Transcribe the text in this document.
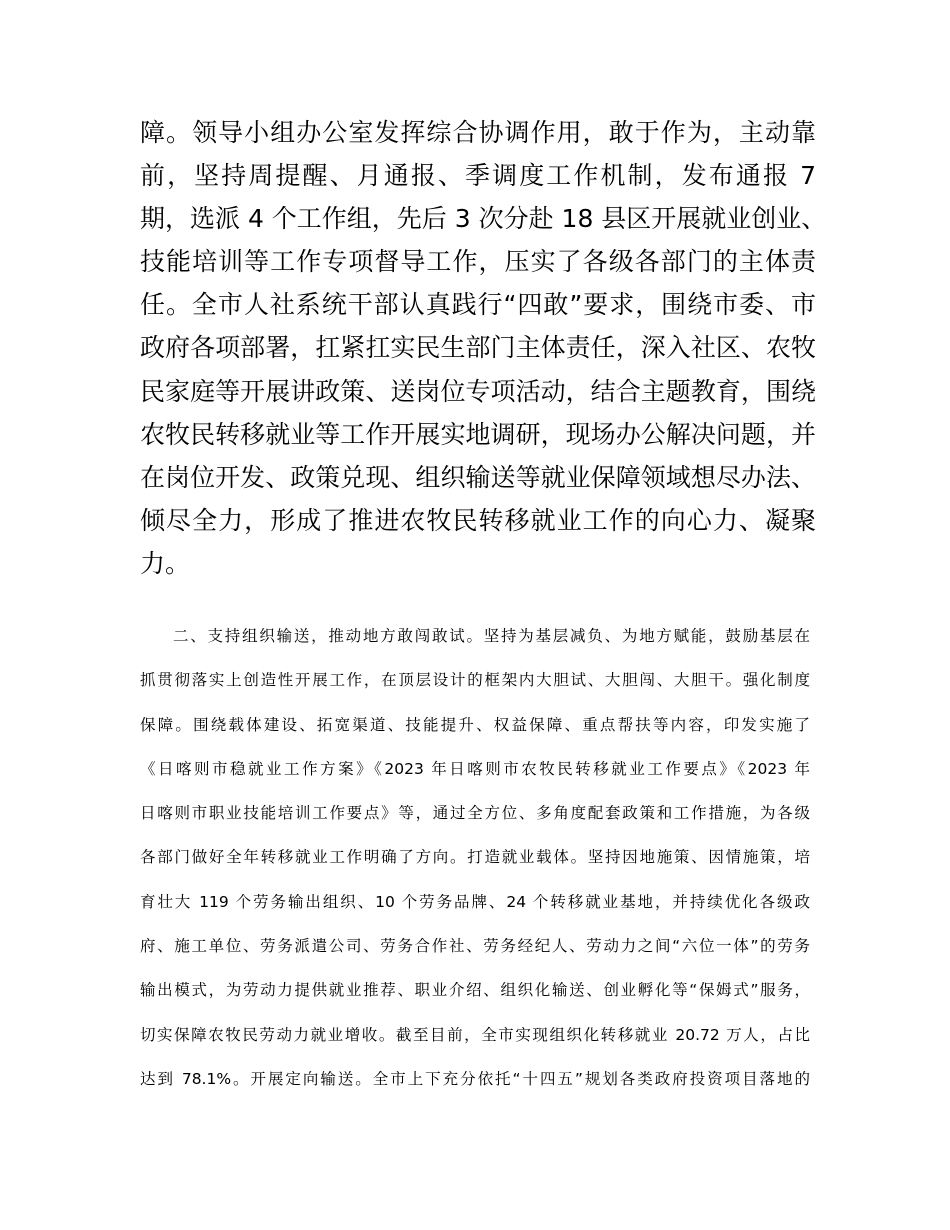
障。领导小组办公室发挥综合协调作用，敢于作为，主动靠
前，坚持周提醒、月通报、季调度工作机制，发布通报 7
期，选派 4 个工作组，先后 3 次分赴 18 县区开展就业创业、
技能培训等工作专项督导工作，压实了各级各部门的主体责
任。全市人社系统干部认真践行“四敢”要求，围绕市委、市
政府各项部署，扛紧扛实民生部门主体责任，深入社区、农牧
民家庭等开展讲政策、送岗位专项活动，结合主题教育，围绕
农牧民转移就业等工作开展实地调研，现场办公解决问题，并
在岗位开发、政策兑现、组织输送等就业保障领域想尽办法、
倾尽全力，形成了推进农牧民转移就业工作的向心力、凝聚
力。
二、支持组织输送，推动地方敢闯敢试。坚持为基层减负、为地方赋能，鼓励基层在
抓贯彻落实上创造性开展工作，在顶层设计的框架内大胆试、大胆闯、大胆干。强化制度
保障。围绕载体建设、拓宽渠道、技能提升、权益保障、重点帮扶等内容，印发实施了
《日喀则市稳就业工作方案》《2023 年日喀则市农牧民转移就业工作要点》《2023 年
日喀则市职业技能培训工作要点》等，通过全方位、多角度配套政策和工作措施，为各级
各部门做好全年转移就业工作明确了方向。打造就业载体。坚持因地施策、因情施策，培
育壮大 119 个劳务输出组织、10 个劳务品牌、24 个转移就业基地，并持续优化各级政
府、施工单位、劳务派遣公司、劳务合作社、劳务经纪人、劳动力之间“六位一体”的劳务
输出模式，为劳动力提供就业推荐、职业介绍、组织化输送、创业孵化等“保姆式”服务，
切实保障农牧民劳动力就业增收。截至目前，全市实现组织化转移就业 20.72 万人，占比
达到 78.1%。开展定向输送。全市上下充分依托“十四五”规划各类政府投资项目落地的
